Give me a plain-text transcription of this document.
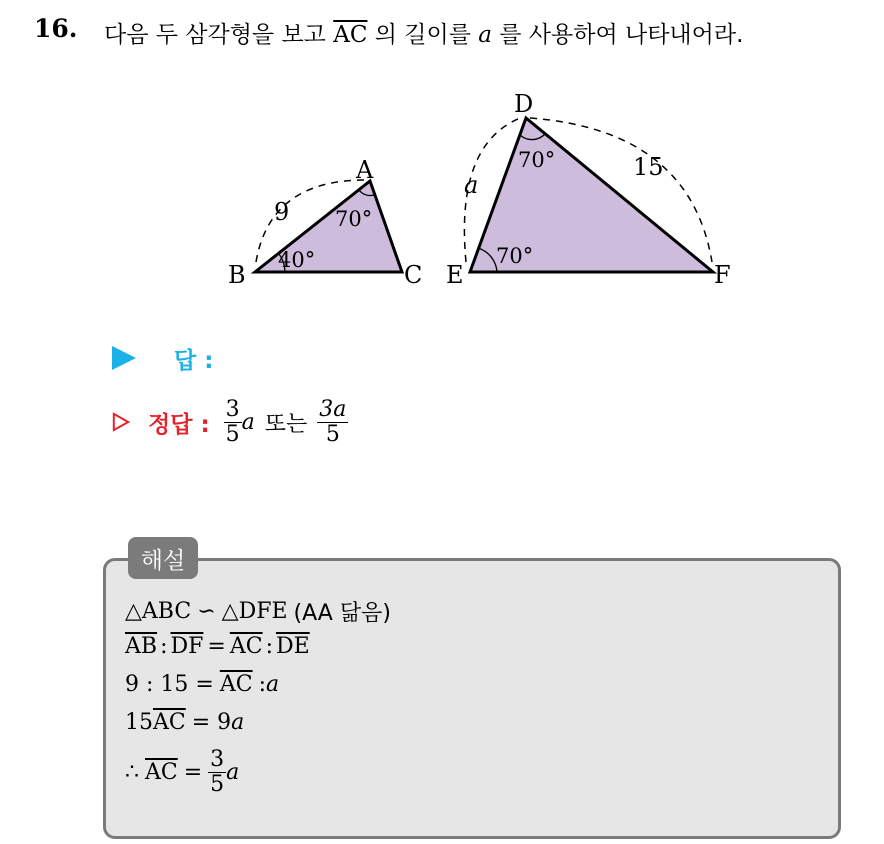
16. 다음 두 삼각형을 보고 $\overline{AC}$ 의 길이를 a 를 사용하여 나타내어라.
A
B	C
9 70°
40°
D
E	F
a
15
70°
70°
답 :
정답 : $\frac{3}{5}$ a 또는 $\frac{3a}{5}$
해설
△ABC ∽ △DFE (AA 닮음)
$\overline{AB}$ : $\overline{DF} = \overline{AC}$ : $\overline{DE}$
9 : $15 = \overline{AC}$ : a
15 $\overline{AC} = 9$ a
∴ $\overline{AC} = \frac{3}{5}$ a
